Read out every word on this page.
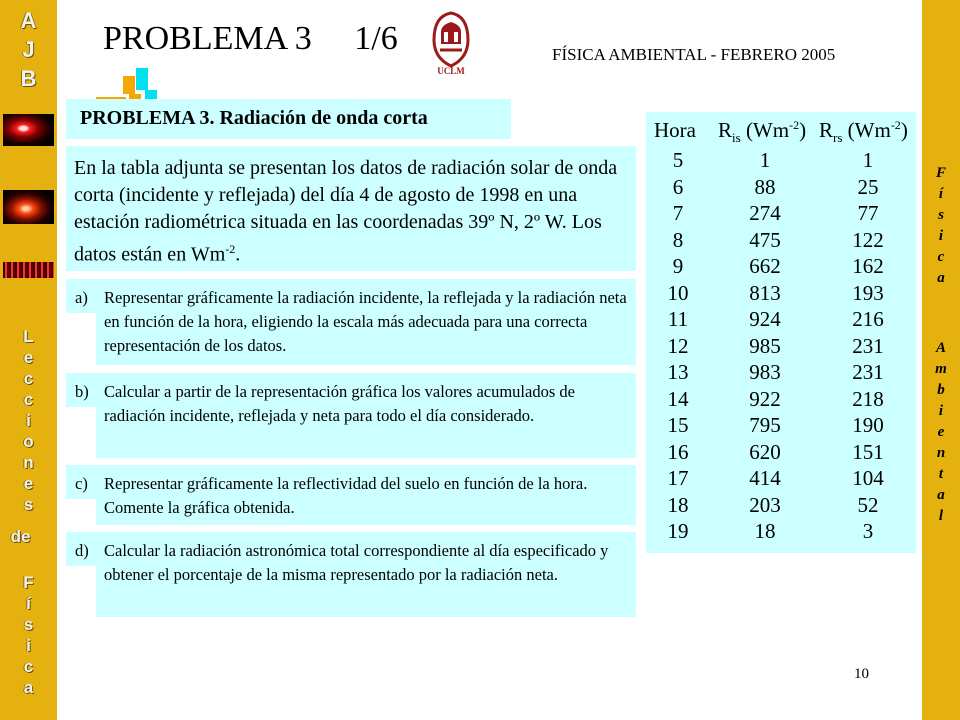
A
J
B
L
e
c
c
i
o
n
e
s
de
F
í
s
i
c
a
F
í
s
i
c
a
A
m
b
i
e
n
t
a
l
PROBLEMA 3 1/6	FÍSICA AMBIENTAL - FEBRERO 2005
UCLM
PROBLEMA 3. Radiación de onda corta
En la tabla adjunta se presentan los datos de radiación solar de onda corta (incidente y reflejada) del día 4 de agosto de 1998 en una estación radiométrica situada en las coordenadas 39º N, 2º W. Los datos están en $Wm^{-2}$.
a) Representar gráficamente la radiación incidente, la reflejada y la radiación neta en función de la hora, eligiendo la escala más adecuada para una correcta representación de los datos.
b) Calcular a partir de la representación gráfica los valores acumulados de radiación incidente, reflejada y neta para todo el día considerado.
c) Representar gráficamente la reflectividad del suelo en función de la hora. Comente la gráfica obtenida.
d) Calcular la radiación astronómica total correspondiente al día especificado y obtener el porcentaje de la misma representado por la radiación neta.
Hora $R_{is}$ $(Wm^{-2})$ $R_{rs}$ $(Wm^{-2})$
5	1	1
6	88	25
7	274	77
8	475	122
9	662	162
10	813	193
11	924	216
12	985	231
13	983	231
14	922	218
15	795	190
16	620	151
17	414	104
18	203	52
19	18	3
10
